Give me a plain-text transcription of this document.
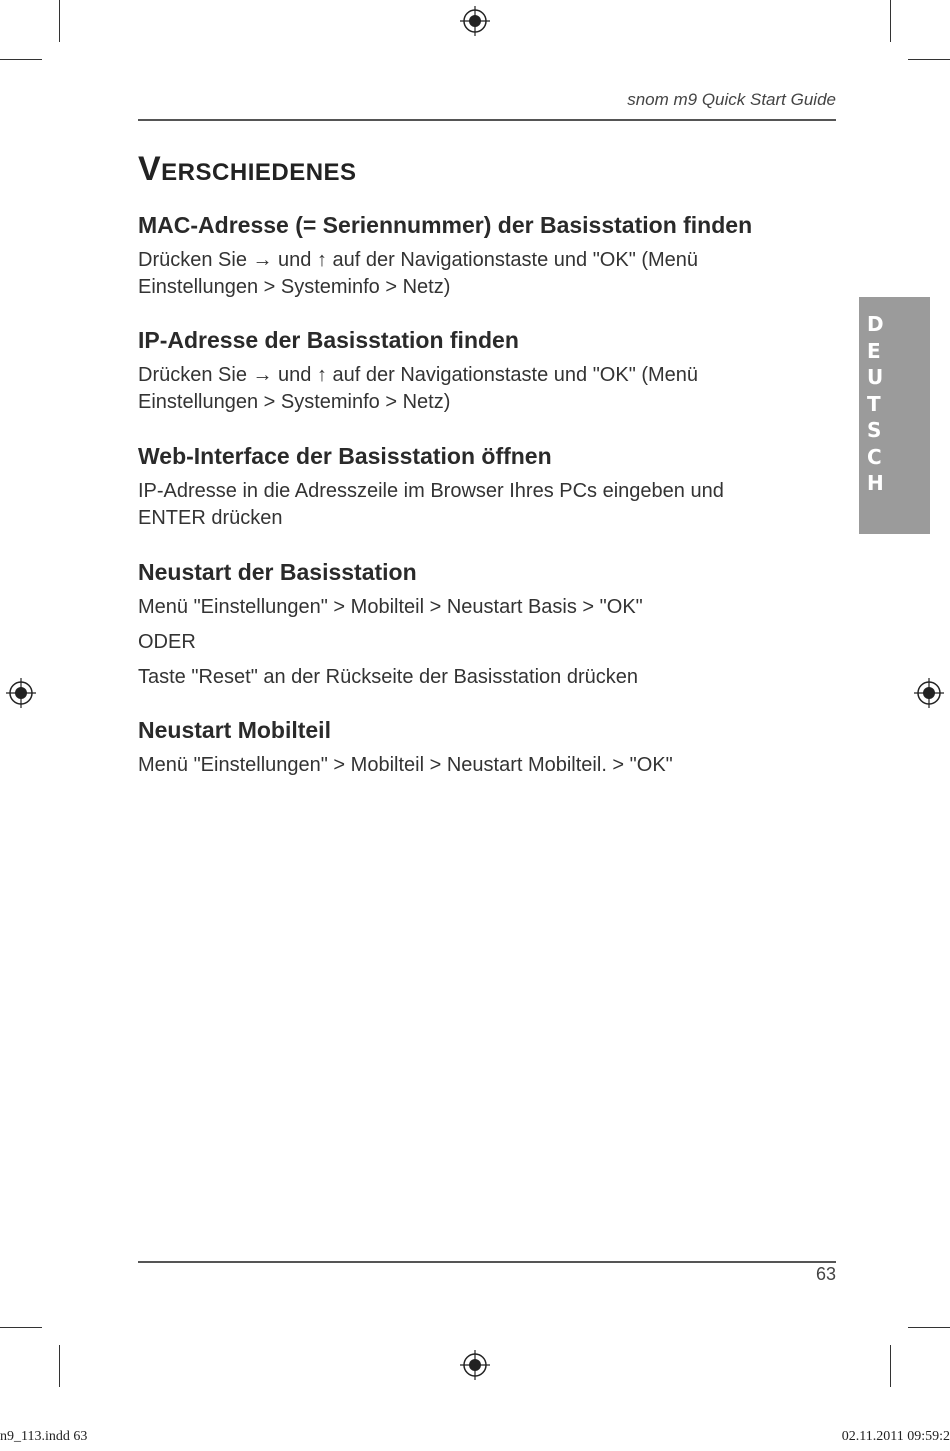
snom m9 Quick Start Guide
Verschiedenes
D
E
U
T
S
C
H
MAC-Adresse (= Seriennummer) der Basisstation finden

Drücken Sie → und ↑ auf der Navigationstaste und "OK" (Menü

Einstellungen > Systeminfo > Netz)

IP-Adresse der Basisstation finden

Drücken Sie → und ↑ auf der Navigationstaste und "OK" (Menü

Einstellungen > Systeminfo > Netz)

Web-Interface der Basisstation öffnen

IP-Adresse in die Adresszeile im Browser Ihres PCs eingeben und

ENTER drücken

Neustart der Basisstation

Menü "Einstellungen" > Mobilteil > Neustart Basis > "OK"

ODER

Taste "Reset" an der Rückseite der Basisstation drücken

Neustart Mobilteil

Menü "Einstellungen" > Mobilteil > Neustart Mobilteil. > "OK"

63
n9_113.indd 63	02.11.2011 09:59:2
